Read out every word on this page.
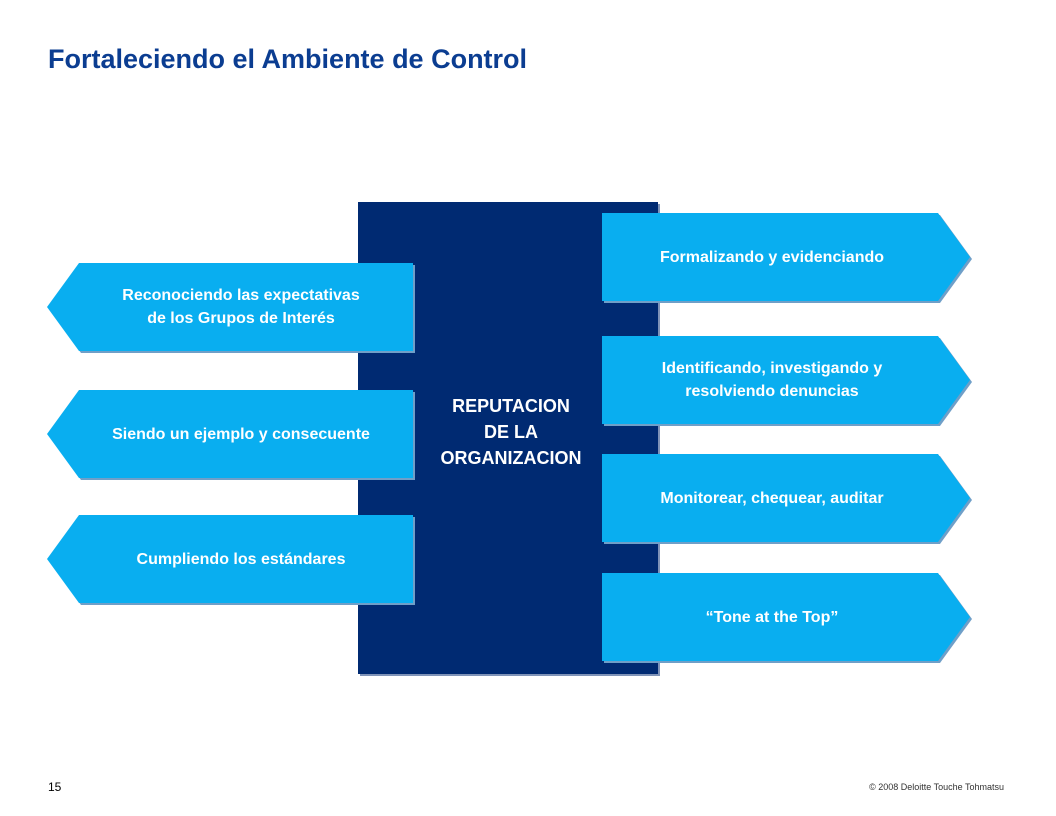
Fortaleciendo el Ambiente de Control
Formalizando y evidenciando
Identificando, investigando y
resolviendo denuncias
Monitorear, chequear, auditar
“Tone at the Top”
Reconociendo las expectativas
de los Grupos de Interés
Siendo un ejemplo y consecuente
Cumpliendo los estándares
REPUTACION
DE LA
ORGANIZACION
15	© 2008 Deloitte Touche Tohmatsu
